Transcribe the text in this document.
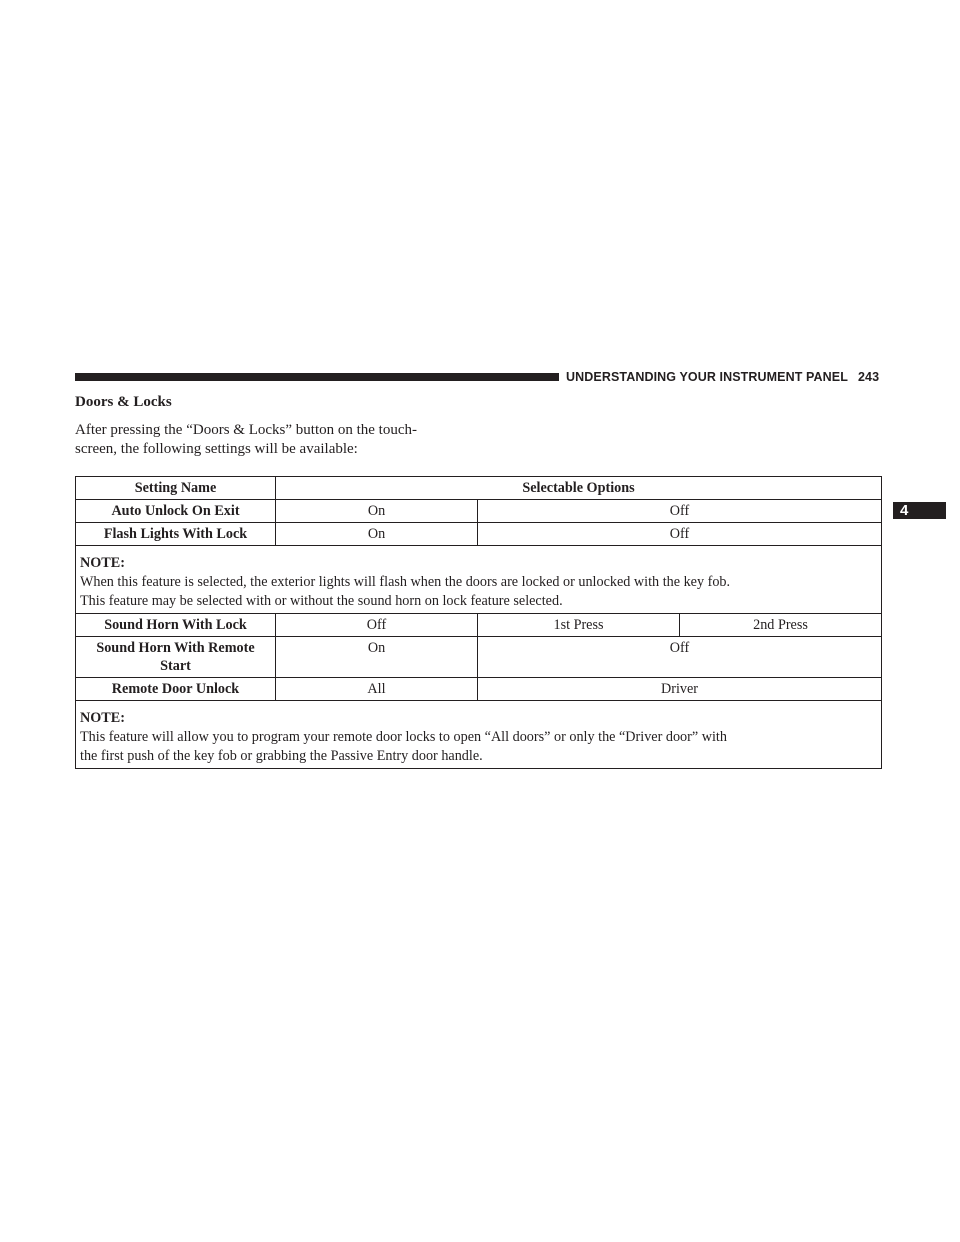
UNDERSTANDING YOUR INSTRUMENT PANEL 243
4
Doors & Locks

After pressing the “Doors & Locks” button on the touch-
screen, the following settings will be available:

Setting Name	Selectable Options		
Auto Unlock On Exit	On	Off	
Flash Lights With Lock	On	Off	

NOTE:
When this feature is selected, the exterior lights will flash when the doors are locked or unlocked with the key fob.
This feature may be selected with or without the sound horn on lock feature selected.			
Sound Horn With Lock	Off	1st Press	2nd Press
Sound Horn With Remote
Start	On	Off	
Remote Door Unlock	All	Driver	

NOTE:
This feature will allow you to program your remote door locks to open “All doors” or only the “Driver door” with
the first push of the key fob or grabbing the Passive Entry door handle.			
